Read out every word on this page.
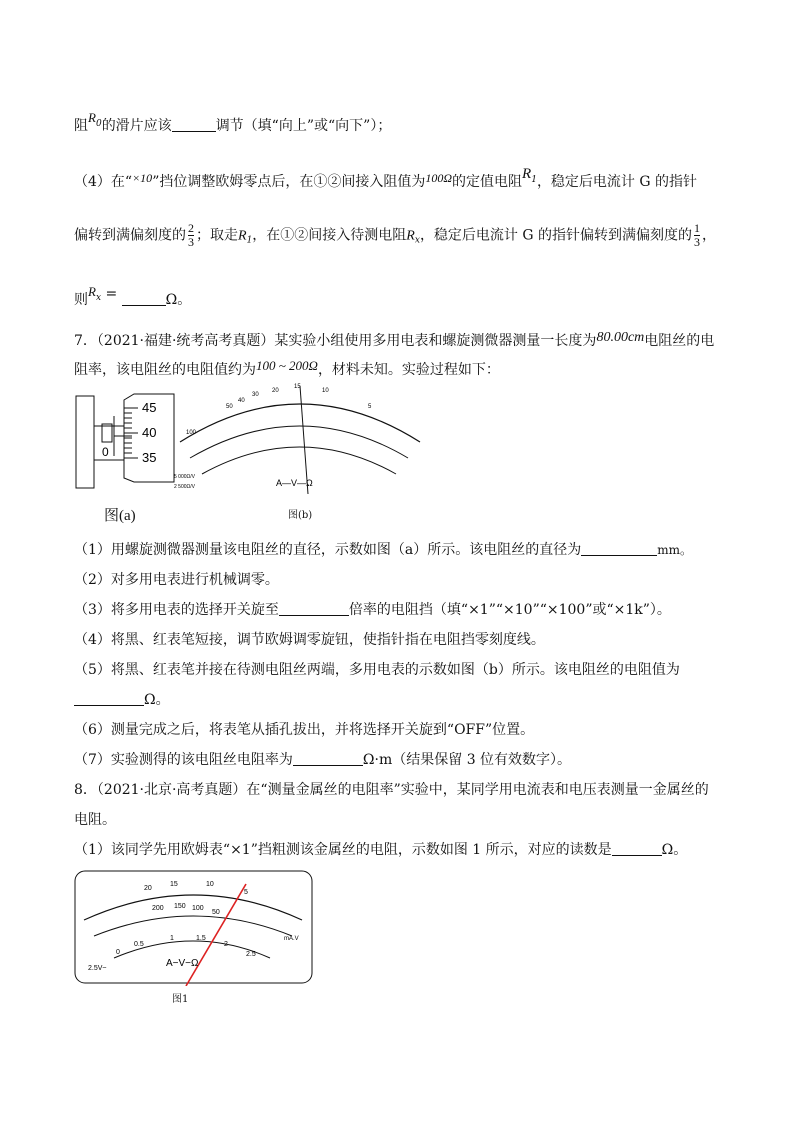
阻$R^0$的滑片应该	调节（填“向上”或“向下”）；
（4）在“×10”挡位调整欧姆零点后，在①②间接入阻值为100Ω的定值电阻$R^1$，稳定后电流计 G 的指针
偏转到满偏刻度的 $\frac{2}{3}$ ；取走$R_1$，在①②间接入待测电阻$R_x$，稳定后电流计 G 的指针偏转到满偏刻度的 $\frac{1}{3}$ ，
则$R^x$ =	Ω。
7．（2021·福建·统考高考真题）某实验小组使用多用电表和螺旋测微器测量一长度为80.00cm电阻丝的电
阻率，该电阻丝的电阻值约为100 ~ 200Ω，材料未知。实验过程如下：
45
40
35
0
图(a)
100
50
40
30
20
15
10
5
5 000Ω/V
2 500Ω/V	A—V—Ω
图(b)
（1）用螺旋测微器测量该电阻丝的直径，示数如图（a）所示。该电阻丝的直径为	mm。
（2）对多用电表进行机械调零。
（3）将多用电表的选择开关旋至	倍率的电阻挡（填“×1”“×10”“×100”或“×1k”）。
（4）将黑、红表笔短接，调节欧姆调零旋钮，使指针指在电阻挡零刻度线。
（5）将黑、红表笔并接在待测电阻丝两端，多用电表的示数如图（b）所示。该电阻丝的电阻值为
Ω。
（6）测量完成之后，将表笔从插孔拔出，并将选择开关旋到“OFF”位置。
（7）实验测得的该电阻丝电阻率为	Ω·m（结果保留 3 位有效数字）。
8．（2021·北京·高考真题）在“测量金属丝的电阻率”实验中，某同学用电流表和电压表测量一金属丝的
电阻。
（1）该同学先用欧姆表“×1”挡粗测该金属丝的电阻，示数如图 1 所示，对应的读数是	Ω。
20
15	10
5
200 150 100
50
0
0.5
1	1.5
2
2.5
2.5V~
mA.V
A−V−Ω
图1
